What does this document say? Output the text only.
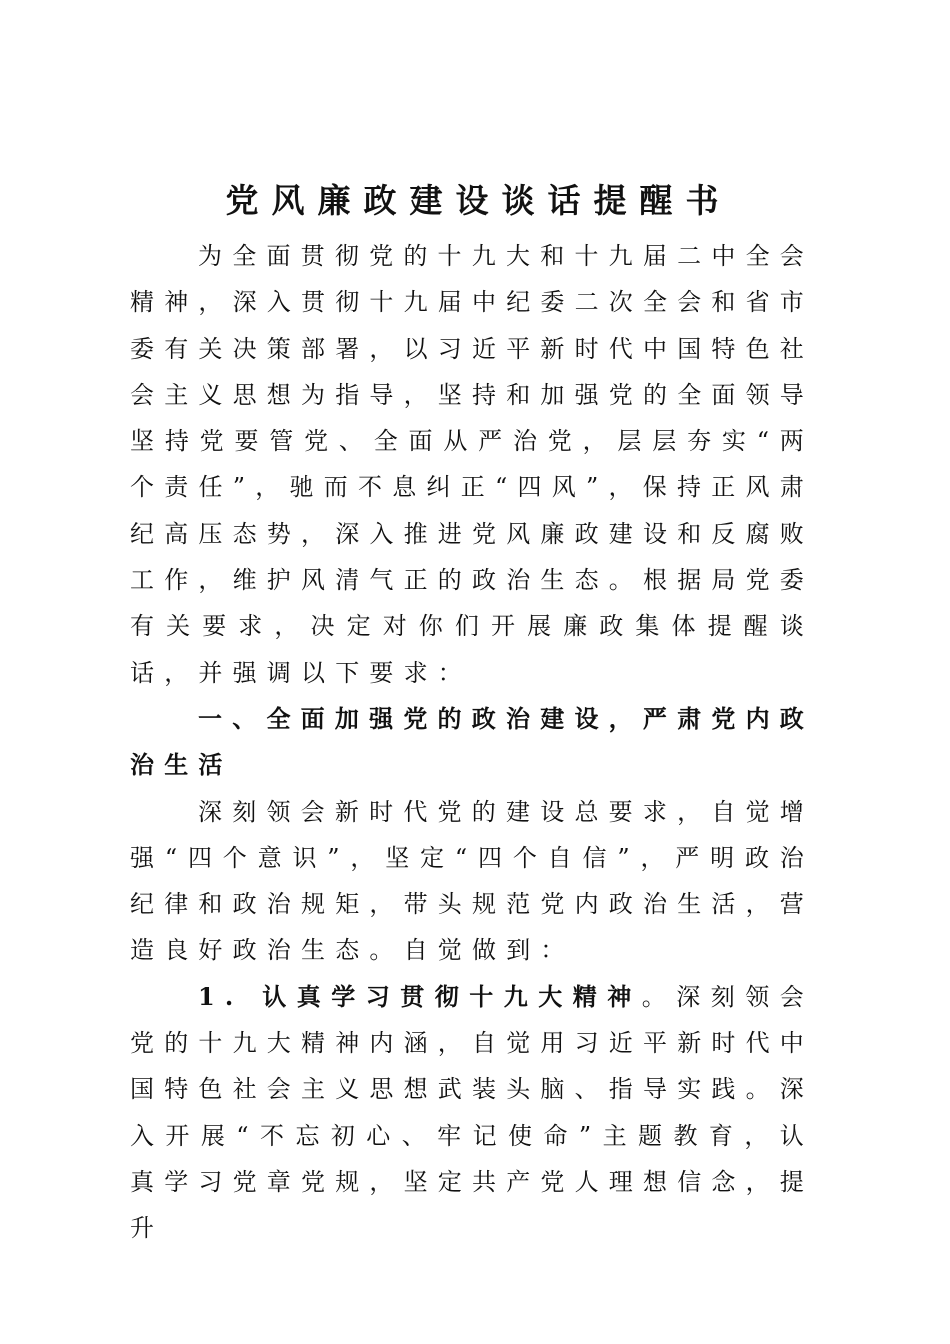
党风廉政建设谈话提醒书

为全面贯彻党的十九大和十九届二中全会精神，深入贯彻十九届中纪委二次全会和省市委有关决策部署，以习近平新时代中国特色社会主义思想为指导，坚持和加强党的全面领导坚持党要管党、全面从严治党，层层夯实“两个责任”，驰而不息纠正“四风”，保持正风肃纪高压态势，深入推进党风廉政建设和反腐败工作，维护风清气正的政治生态。根据局党委有关要求，决定对你们开展廉政集体提醒谈话，并强调以下要求：

一、全面加强党的政治建设，严肃党内政治生活

深刻领会新时代党的建设总要求，自觉增强“四个意识”，坚定“四个自信”，严明政治纪律和政治规矩，带头规范党内政治生活，营造良好政治生态。自觉做到：

1. 认真学习贯彻十九大精神。深刻领会党的十九大精神内涵，自觉用习近平新时代中国特色社会主义思想武装头脑、指导实践。深入开展“不忘初心、牢记使命”主题教育，认真学习党章党规，坚定共产党人理想信念，提升
